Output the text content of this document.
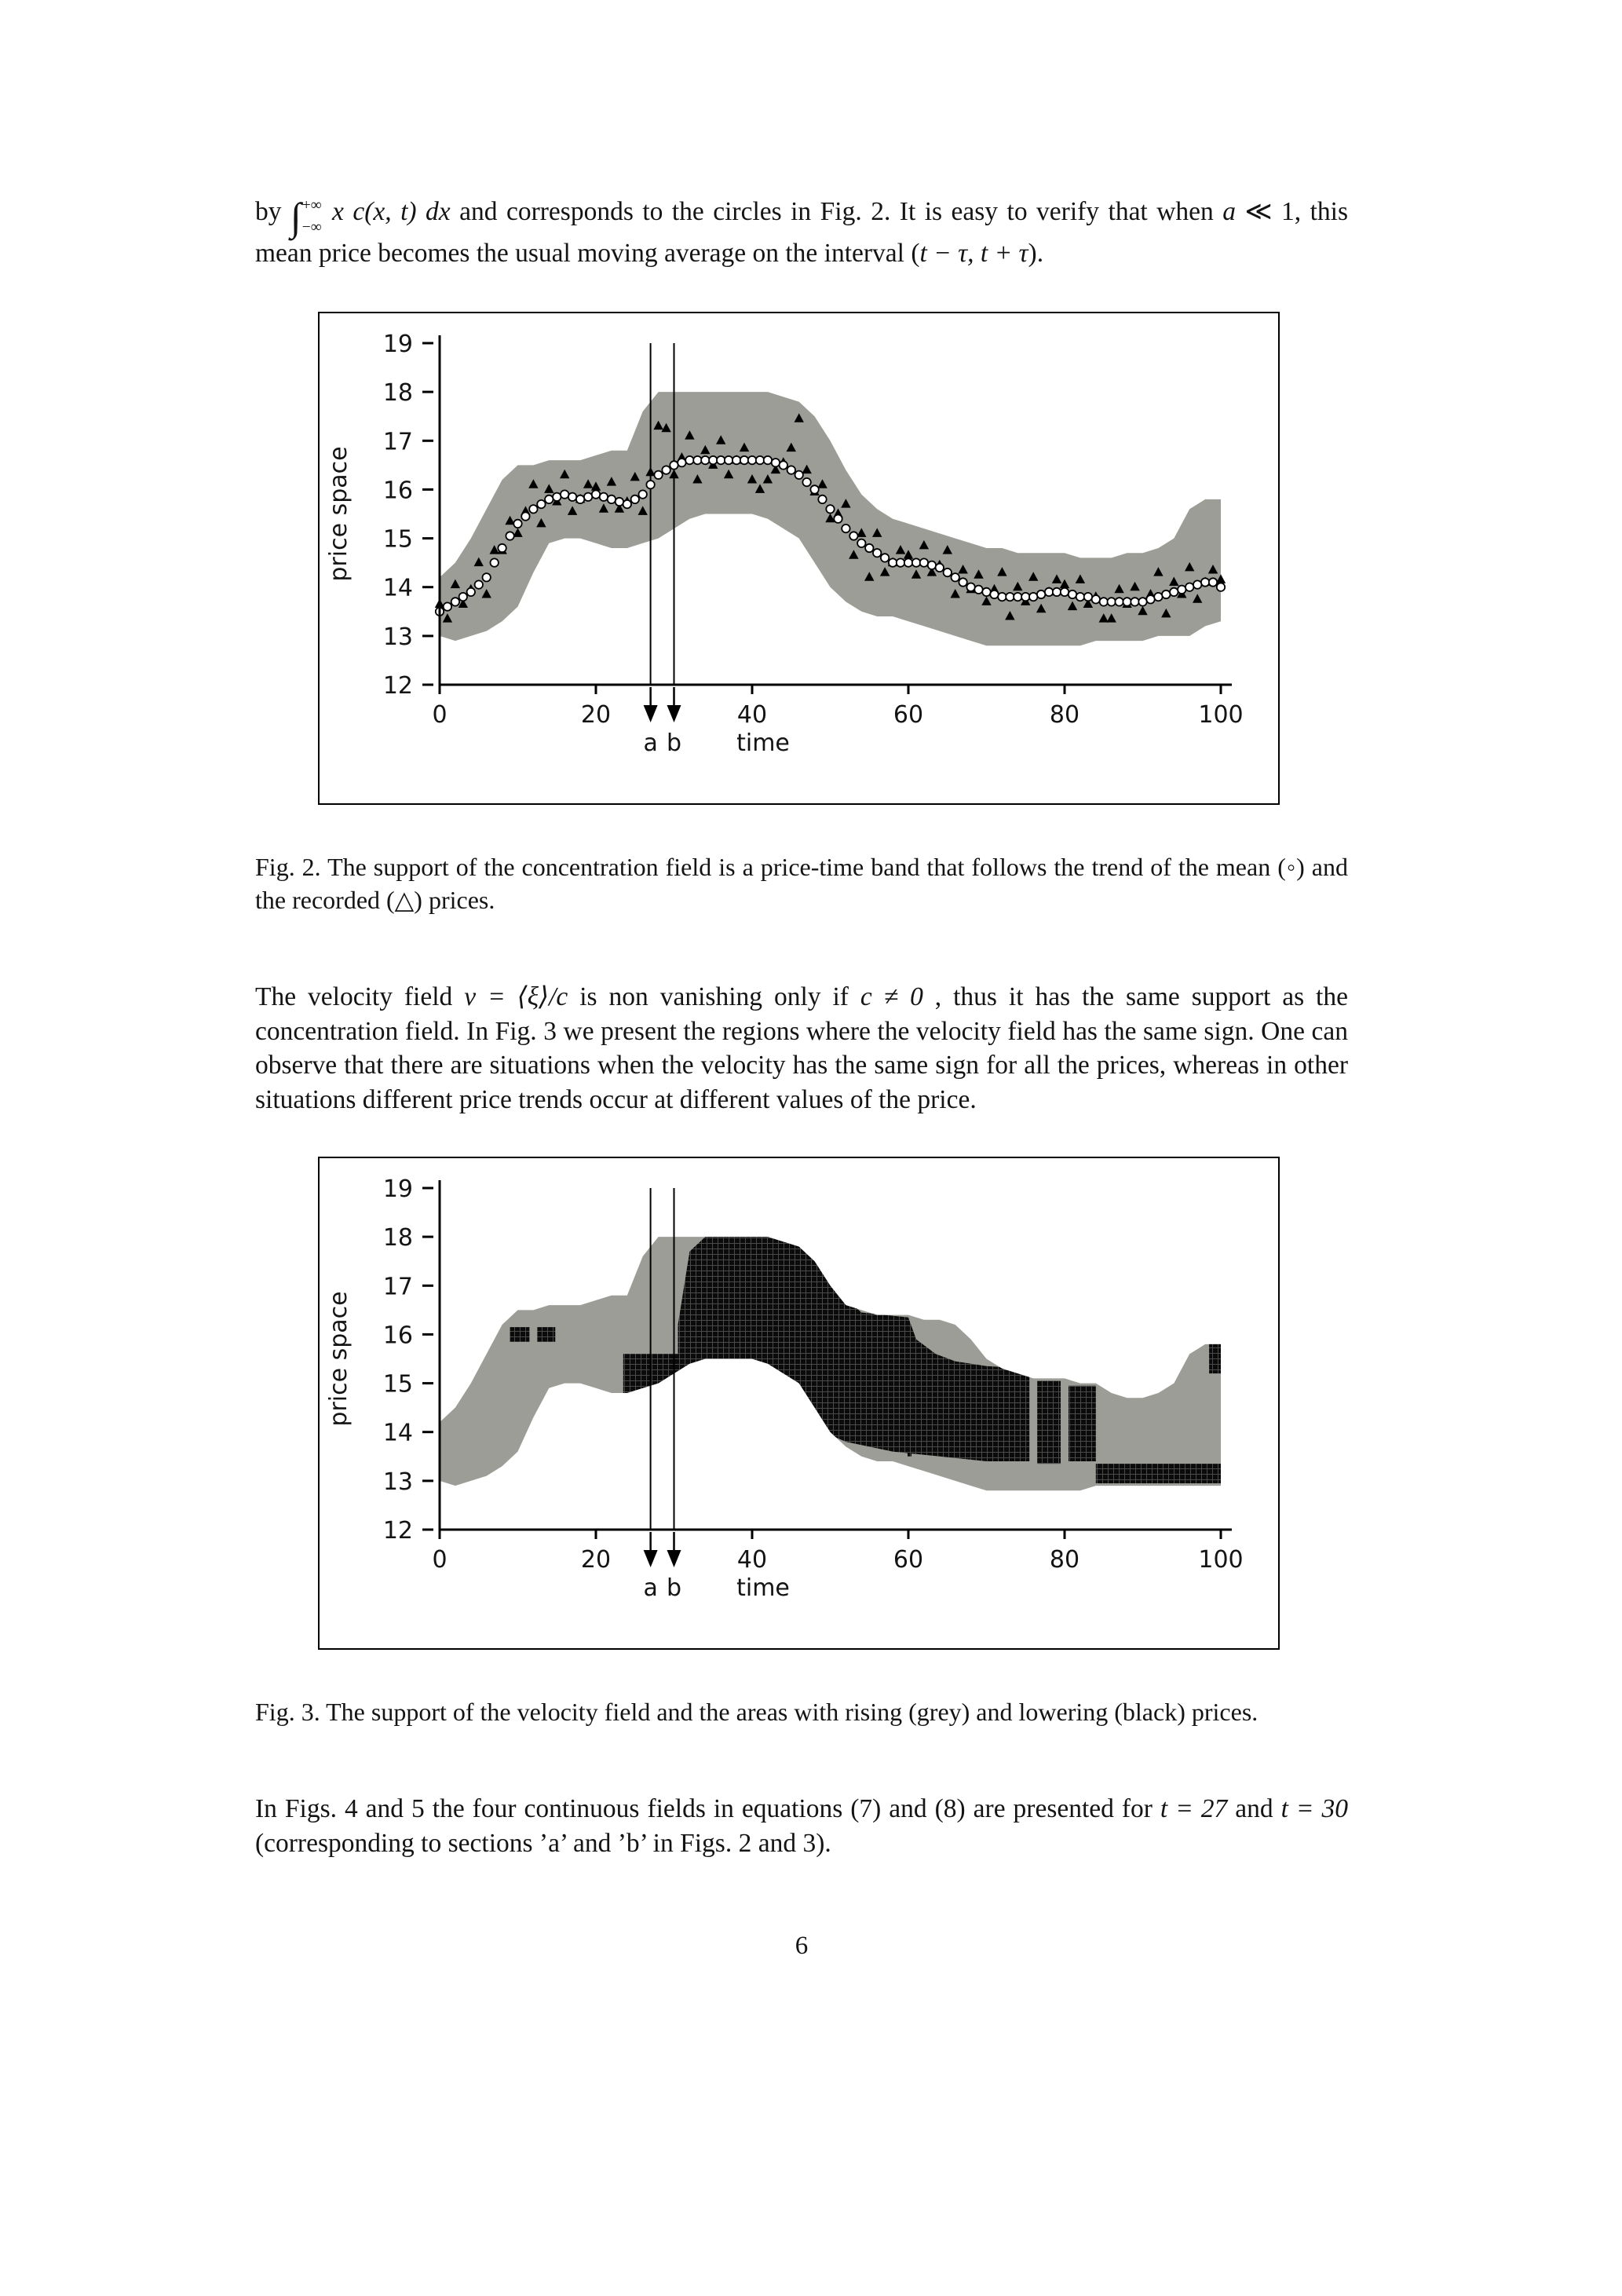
by ∫ +∞
−∞
x c(x, t) dx and corresponds to the circles in Fig. 2. It is easy to verify that when a ≪ 1, this mean price becomes the usual moving average on the interval (t − τ, t + τ).

19
18
17
16
15
14
13
12
0	20	40	60	80	100
a b time
price space

Fig. 2. The support of the concentration field is a price-time band that follows the trend of the mean (◦) and the recorded (△) prices.

The velocity field v = ⟨ξ⟩/c is non vanishing only if c ≠ 0 , thus it has the same support as the concentration field. In Fig. 3 we present the regions where the velocity field has the same sign. One can observe that there are situations when the velocity has the same sign for all the prices, whereas in other situations different price trends occur at different values of the price.

19
18
17
16
15
14
13
12
0	20	40	60	80	100
a b time
price space

Fig. 3. The support of the velocity field and the areas with rising (grey) and lowering (black) prices.

In Figs. 4 and 5 the four continuous fields in equations (7) and (8) are presented for t = 27 and t = 30 (corresponding to sections ’a’ and ’b’ in Figs. 2 and 3).

6
